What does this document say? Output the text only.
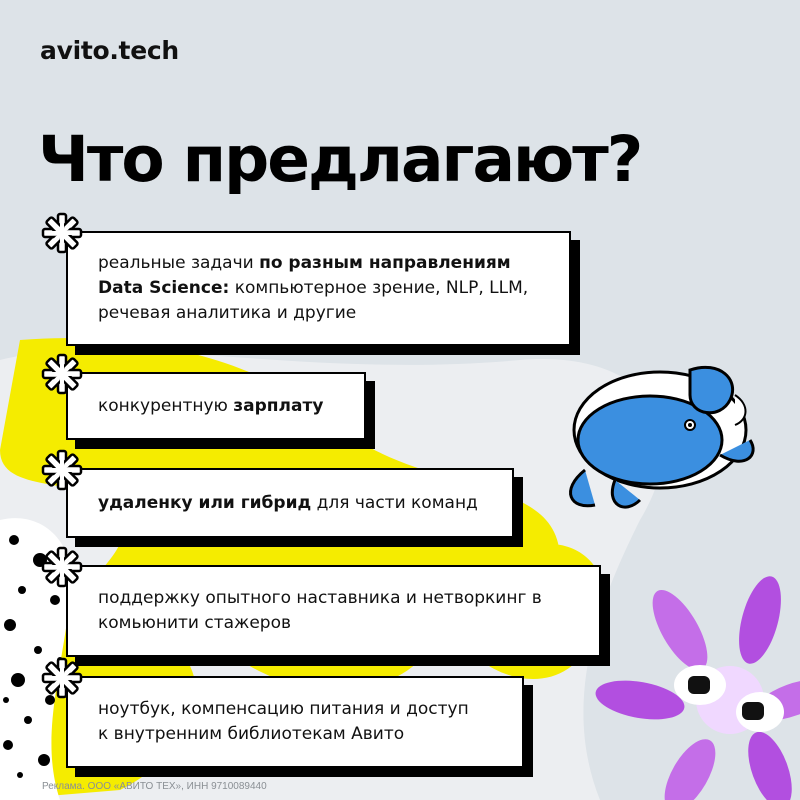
avito.tech
Что предлагают?
реальные задачи по разным направлениям
Data Science: компьютерное зрение, NLP, LLM,
речевая аналитика и другие
конкурентную зарплату
удаленку или гибрид для части команд
поддержку опытного наставника и нетворкинг в
комьюнити стажеров
ноутбук, компенсацию питания и доступ
к внутренним библиотекам Авито
Реклама. ООО «АВИТО ТЕХ», ИНН 9710089440
